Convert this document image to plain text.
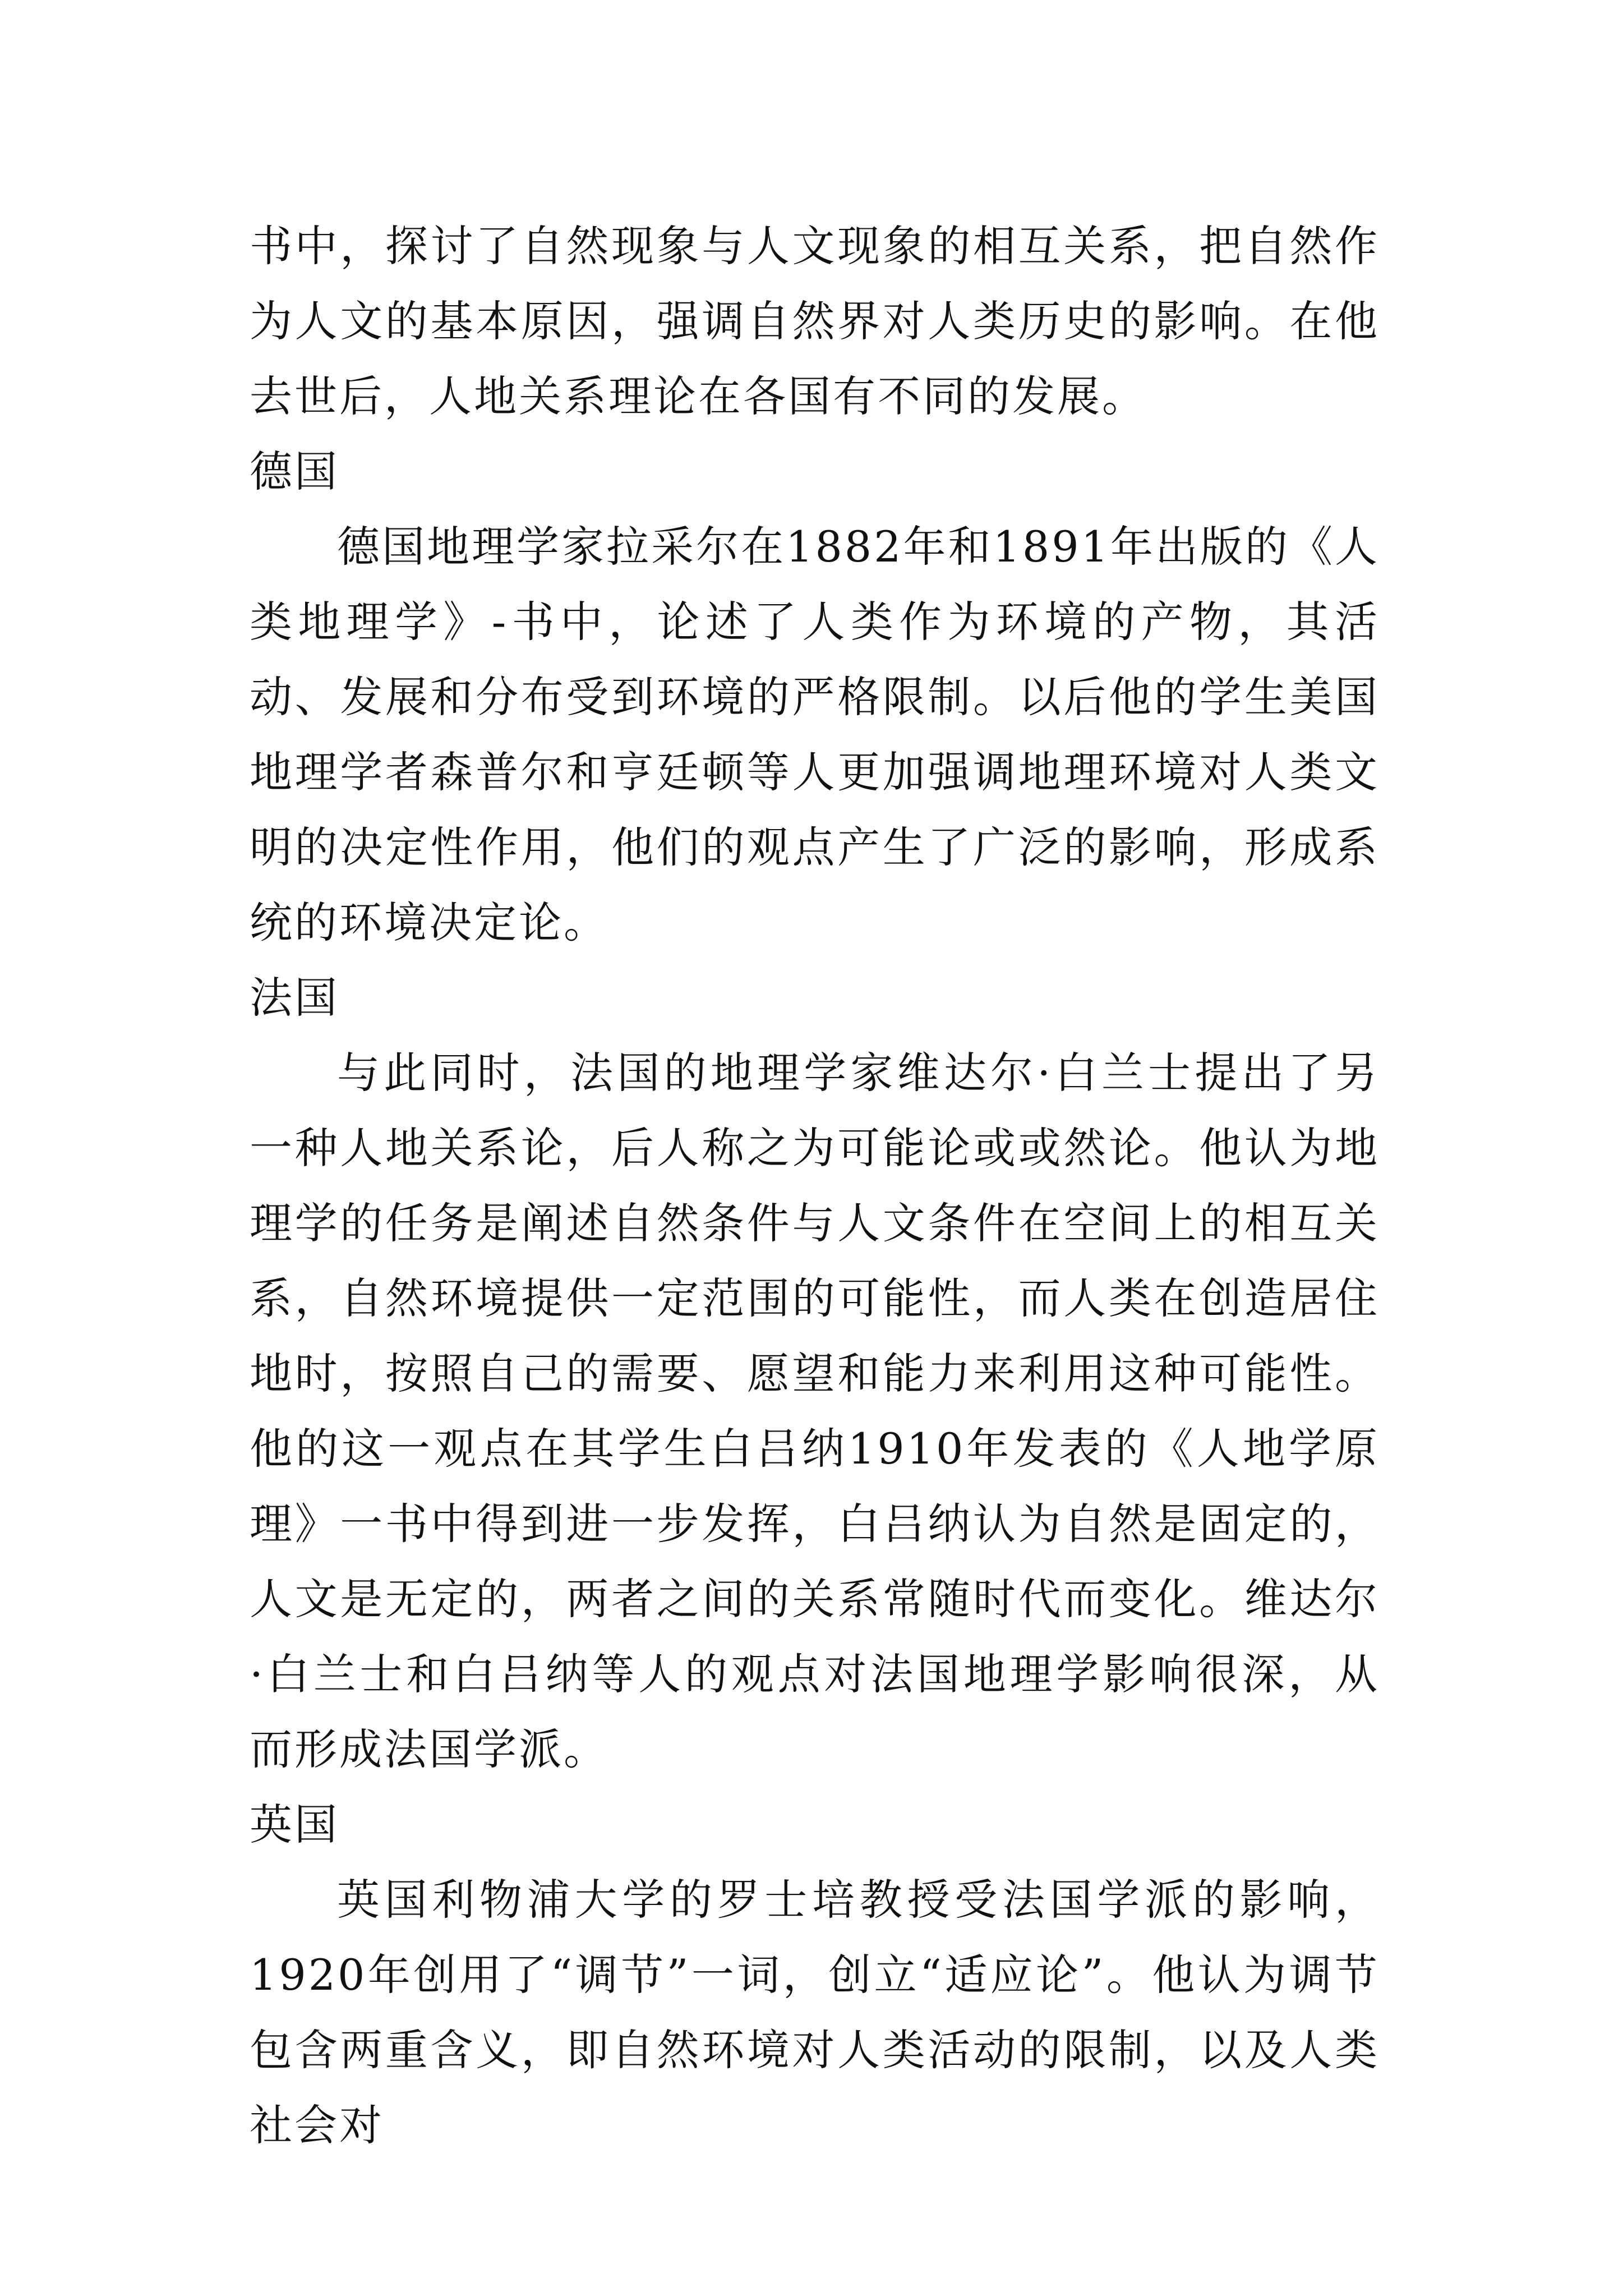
书中，探讨了自然现象与人文现象的相互关系，把自然作为人文的基本原因，强调自然界对人类历史的影响。在他去世后，人地关系理论在各国有不同的发展。

德国

德国地理学家拉采尔在1882年和1891年出版的《人类地理学》-书中，论述了人类作为环境的产物，其活动、发展和分布受到环境的严格限制。以后他的学生美国地理学者森普尔和亨廷顿等人更加强调地理环境对人类文明的决定性作用，他们的观点产生了广泛的影响，形成系统的环境决定论。

法国

与此同时，法国的地理学家维达尔·白兰士提出了另一种人地关系论，后人称之为可能论或或然论。他认为地理学的任务是阐述自然条件与人文条件在空间上的相互关系，自然环境提供一定范围的可能性，而人类在创造居住地时，按照自己的需要、愿望和能力来利用这种可能性。他的这一观点在其学生白吕纳1910年发表的《人地学原理》一书中得到进一步发挥，白吕纳认为自然是固定的，人文是无定的，两者之间的关系常随时代而变化。维达尔·白兰士和白吕纳等人的观点对法国地理学影响很深，从而形成法国学派。

英国

英国利物浦大学的罗士培教授受法国学派的影响，1920年创用了“调节”一词，创立“适应论”。他认为调节包含两重含义，即自然环境对人类活动的限制，以及人类社会对
